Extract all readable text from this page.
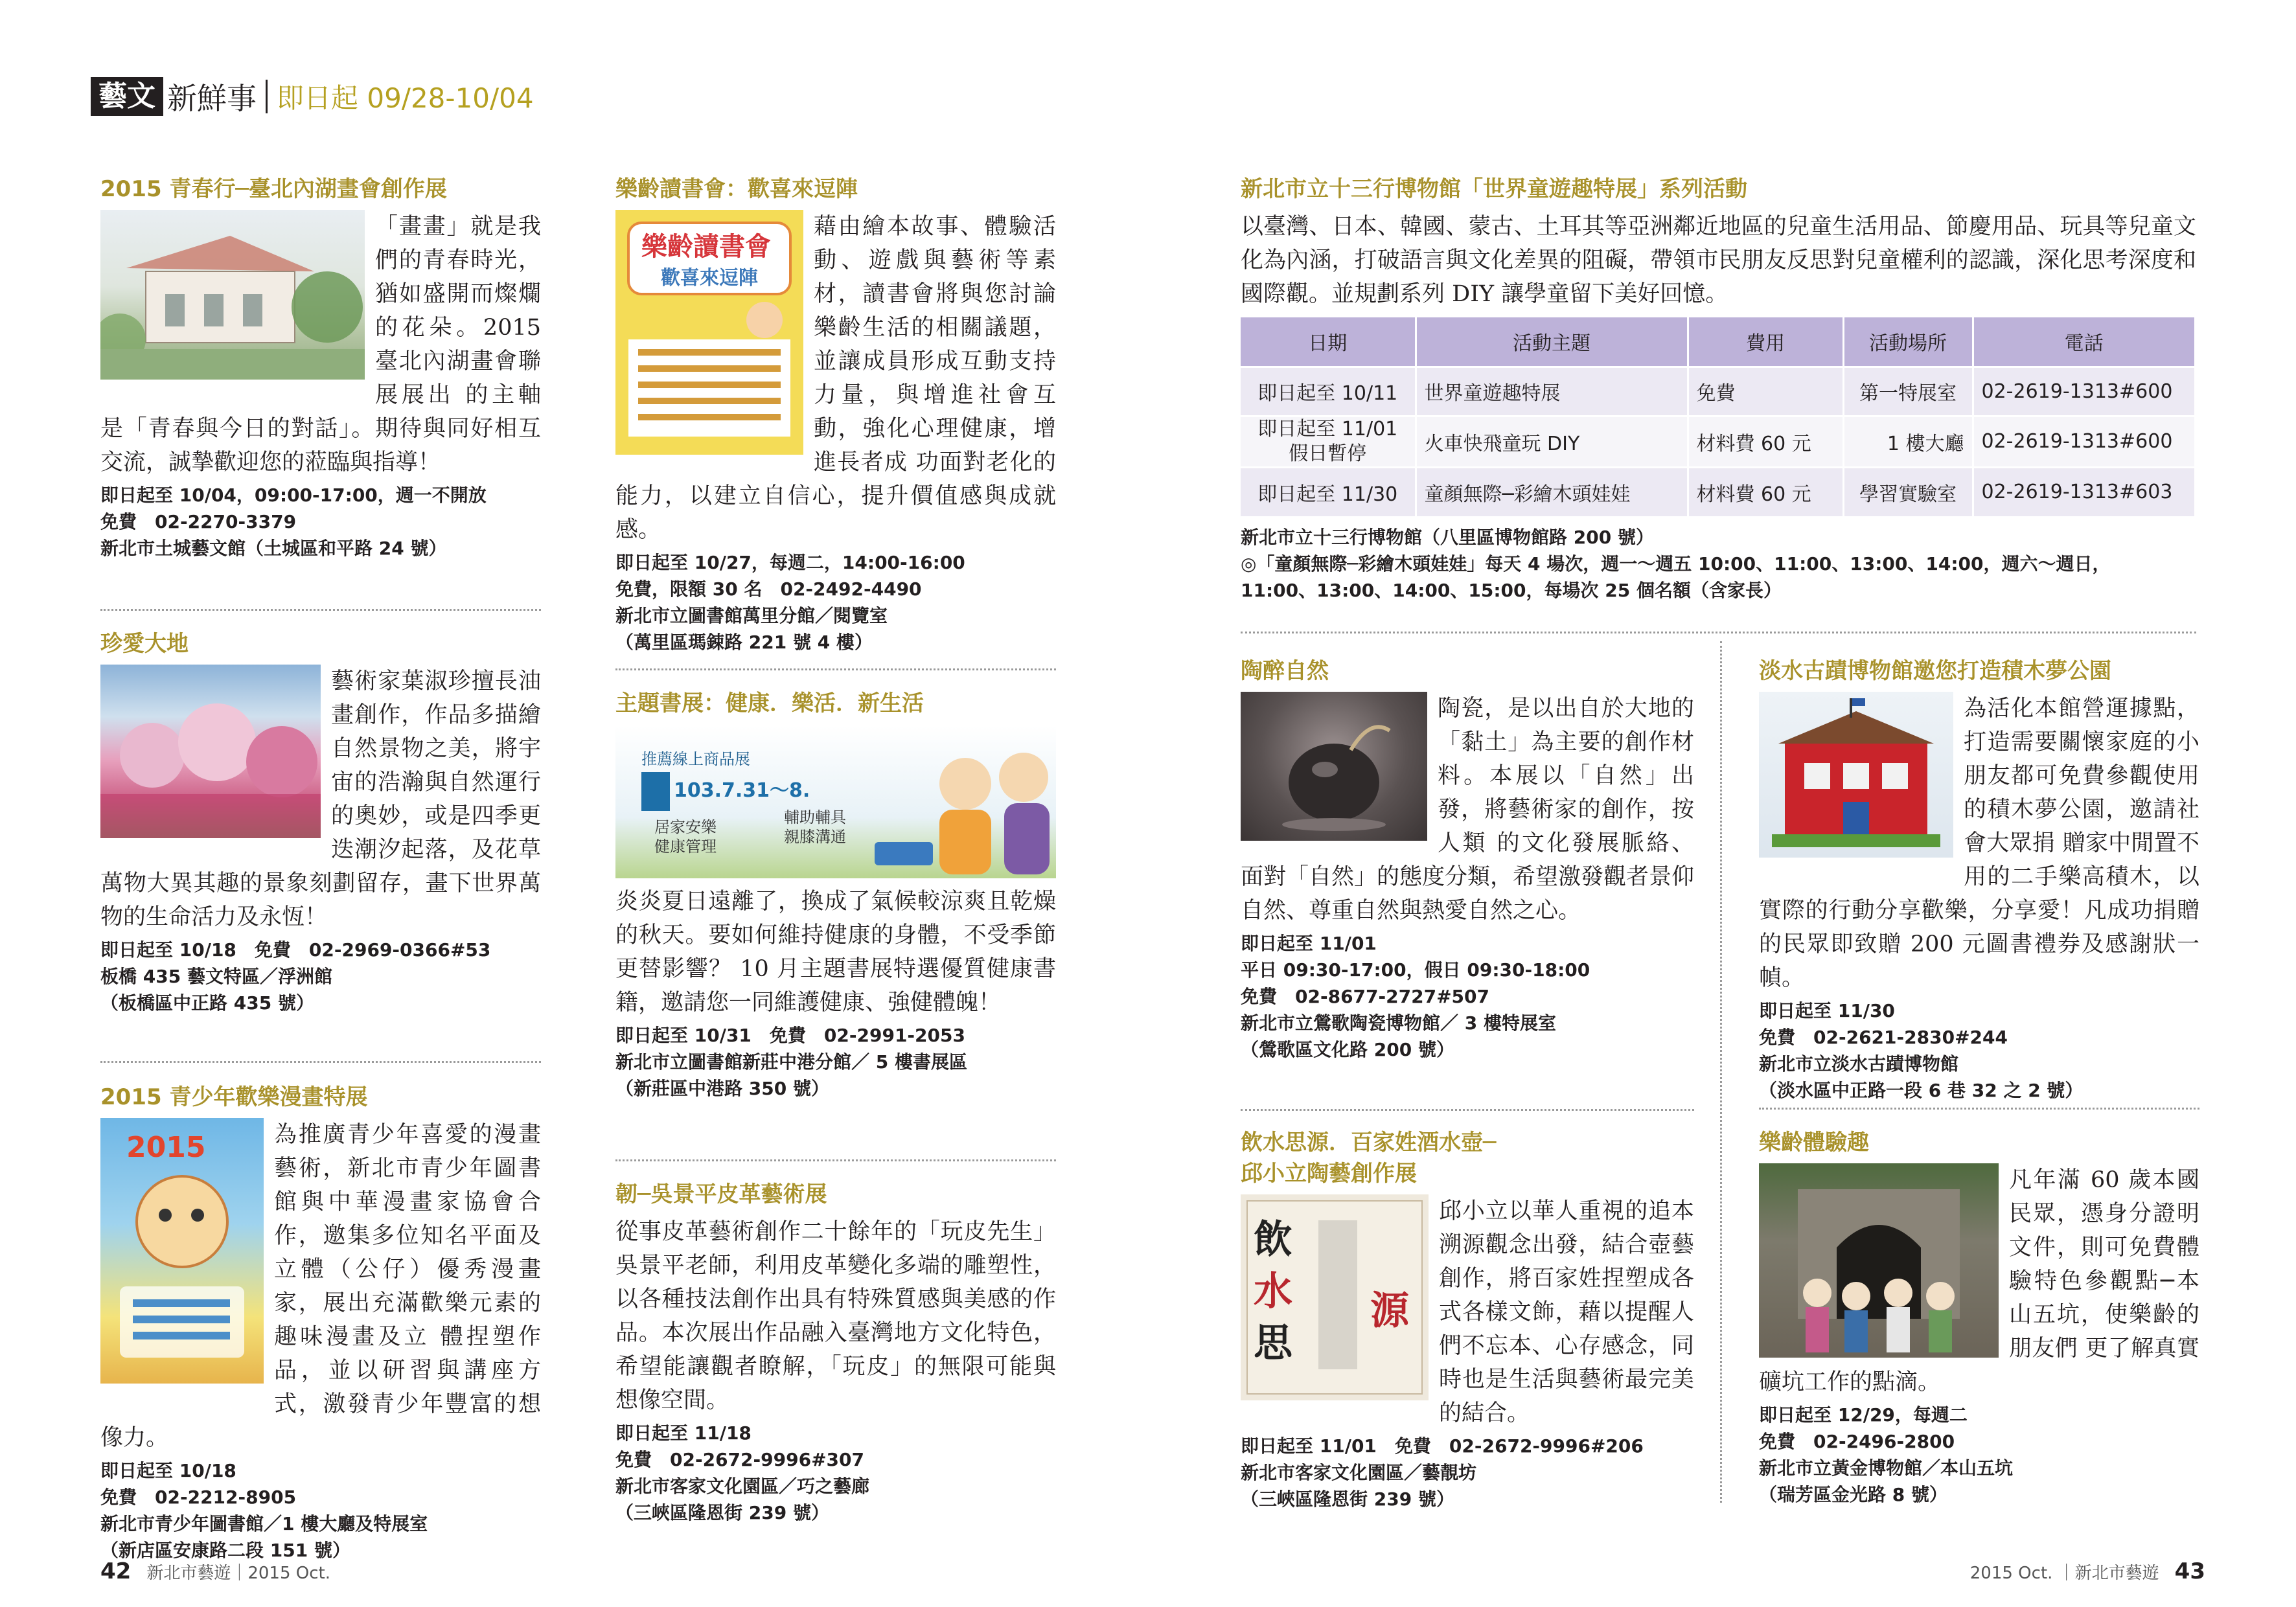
藝文 新鮮事 即日起 09/28-10/04
2015 青春行─臺北內湖畫會創作展
「畫畫」就是我們的青春時光，猶如盛開而燦爛的花朵。2015 臺北內湖畫會聯展展出 的主軸是「青春與今日的對話」。期待與同好相互交流，誠摯歡迎您的蒞臨與指導！
即日起至 10/04，09:00-17:00，週一不開放
免費　02-2270-3379
新北市土城藝文館（土城區和平路 24 號）
珍愛大地
藝術家葉淑珍擅長油畫創作，作品多描繪自然景物之美，將宇宙的浩瀚與自然運行的奧妙，或是四季更 迭潮汐起落，及花草萬物大異其趣的景象刻劃留存，畫下世界萬物的生命活力及永恆！
即日起至 10/18　免費　02-2969-0366#53
板橋 435 藝文特區／浮洲館
（板橋區中正路 435 號）
2015 青少年歡樂漫畫特展
2015	為推廣青少年喜愛的漫畫藝術，新北市青少年圖書館與中華漫畫家協會合作，邀集多位知名平面及立體（公仔）優秀漫畫家，展出充滿歡樂元素的趣味漫畫及立 體捏塑作品，並以研習與講座方式，激發青少年豐富的想像力。
即日起至 10/18
免費　02-2212-8905
新北市青少年圖書館／1 樓大廳及特展室
（新店區安康路二段 151 號）
樂齡讀書會：歡喜來逗陣
樂齡讀書會
歡喜來逗陣
藉由繪本故事、體驗活動、遊戲與藝術等素材，讀書會將與您討論樂齡生活的相關議題，並讓成員形成互動支持力量，與增進社會互動，強化心理健康，增進長者成 功面對老化的能力，以建立自信心，提升價值感與成就感。
即日起至 10/27，每週二，14:00-16:00
免費，限額 30 名　02-2492-4490
新北市立圖書館萬里分館／閱覽室
（萬里區瑪鋉路 221 號 4 樓）
主題書展：健康．樂活．新生活
推薦線上商品展
103.7.31～8.
居家安樂
健康管理
輔助輔具
親膝溝通
炎炎夏日遠離了，換成了氣候較涼爽且乾燥的秋天。要如何維持健康的身體，不受季節更替影響？ 10 月主題書展特選優質健康書籍，邀請您一同維護健康、強健體魄！
即日起至 10/31　免費　02-2991-2053
新北市立圖書館新莊中港分館／ 5 樓書展區
（新莊區中港路 350 號）
韌─吳景平皮革藝術展
從事皮革藝術創作二十餘年的「玩皮先生」吳景平老師，利用皮革變化多端的雕塑性，以各種技法創作出具有特殊質感與美感的作品。本次展出作品融入臺灣地方文化特色，希望能讓觀者瞭解，「玩皮」的無限可能與想像空間。
即日起至 11/18
免費　02-2672-9996#307
新北市客家文化園區／巧之藝廊
（三峽區隆恩街 239 號）
新北市立十三行博物館「世界童遊趣特展」系列活動
以臺灣、日本、韓國、蒙古、土耳其等亞洲鄰近地區的兒童生活用品、節慶用品、玩具等兒童文化為內涵，打破語言與文化差異的阻礙，帶領市民朋友反思對兒童權利的認識，深化思考深度和國際觀。並規劃系列 DIY 讓學童留下美好回憶。
日期	活動主題	費用	活動場所	電話
即日起至 10/11	世界童遊趣特展	免費	第一特展室	02-2619-1313#600
即日起至 11/01
假日暫停	火車快飛童玩 DIY	材料費 60 元	1 樓大廳	02-2619-1313#600
即日起至 11/30	童顏無際─彩繪木頭娃娃	材料費 60 元	學習實驗室	02-2619-1313#603
新北市立十三行博物館（八里區博物館路 200 號）
◎「童顏無際─彩繪木頭娃娃」每天 4 場次，週一～週五 10:00、11:00、13:00、14:00，週六～週日，
11:00、13:00、14:00、15:00，每場次 25 個名額（含家長）
陶醉自然
陶瓷，是以出自於大地的「黏土」為主要的創作材料。本展以「自然」出發，將藝術家的創作，按人類 的文化發展脈絡、面對「自然」的態度分類，希望激發觀者景仰自然、尊重自然與熱愛自然之心。
即日起至 11/01
平日 09:30-17:00，假日 09:30-18:00
免費　02-8677-2727#507
新北市立鶯歌陶瓷博物館／ 3 樓特展室
（鶯歌區文化路 200 號）
飲水思源．百家姓酒水壺─
邱小立陶藝創作展
飲
水
思
源
邱小立以華人重視的追本溯源觀念出發，結合壺藝創作，將百家姓捏塑成各式各樣文飾，藉以提醒人們不忘本、心存感念，同時也是生活與藝術最完美的結合。
即日起至 11/01　免費　02-2672-9996#206
新北市客家文化園區／藝靚坊
（三峽區隆恩街 239 號）
淡水古蹟博物館邀您打造積木夢公園
為活化本館營運據點，打造需要關懷家庭的小朋友都可免費參觀使用的積木夢公園，邀請社會大眾捐 贈家中閒置不用的二手樂高積木，以實際的行動分享歡樂，分享愛！凡成功捐贈的民眾即致贈 200 元圖書禮券及感謝狀一幀。
即日起至 11/30
免費　02-2621-2830#244
新北市立淡水古蹟博物館
（淡水區中正路一段 6 巷 32 之 2 號）
樂齡體驗趣
凡年滿 60 歲本國民眾，憑身分證明文件，則可免費體驗特色參觀點─本山五坑，使樂齡的朋友們 更了解真實礦坑工作的點滴。
即日起至 12/29，每週二
免費　02-2496-2800
新北市立黃金博物館／本山五坑
（瑞芳區金光路 8 號）
42 新北市藝遊｜2015 Oct.	2015 Oct. ｜新北市藝遊 43
